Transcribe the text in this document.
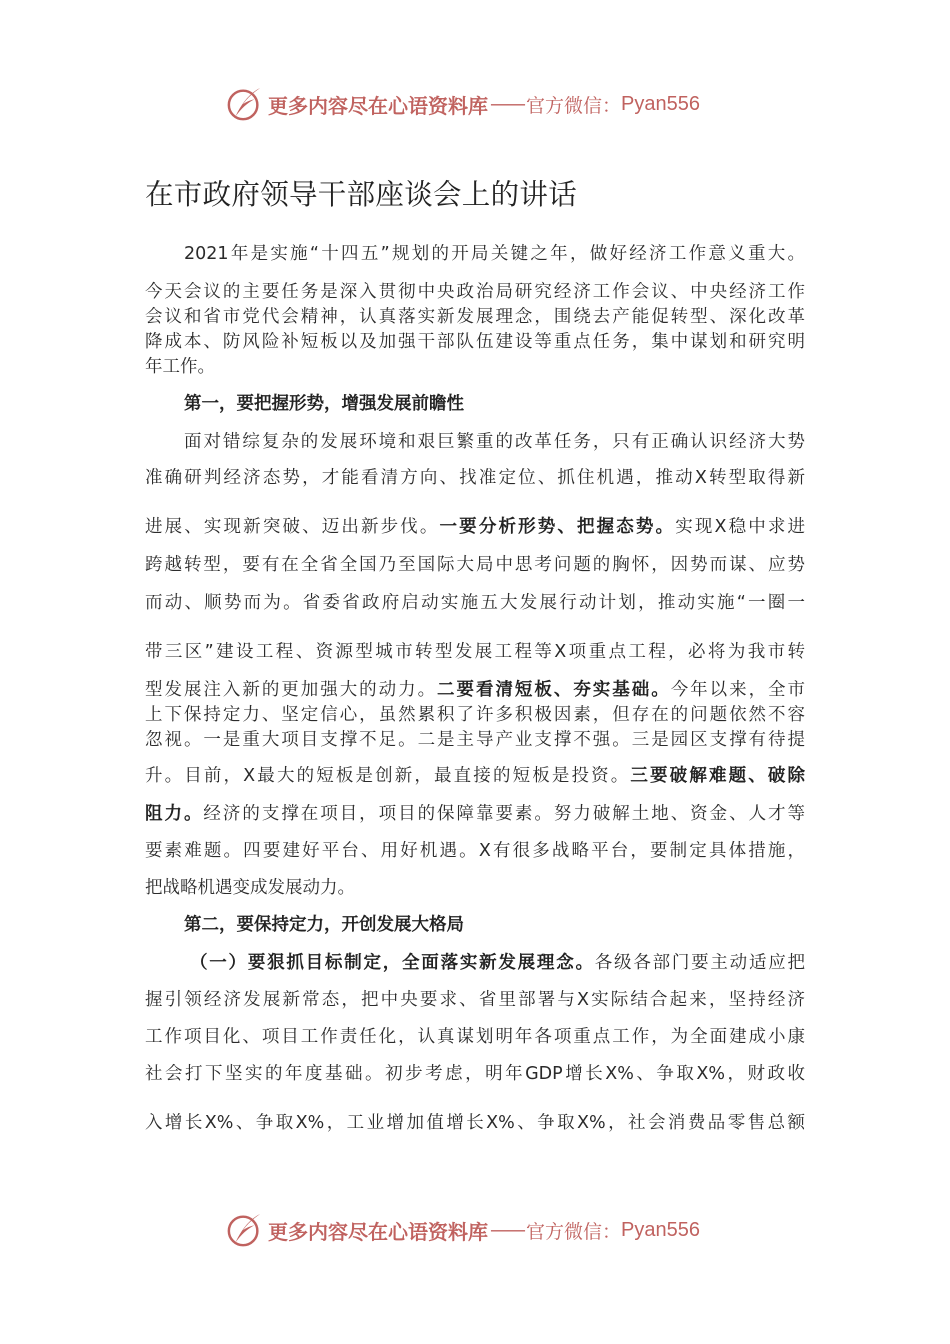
更多内容尽在心语资料库 —— 官方微信： Pyan556
在市政府领导干部座谈会上的讲话
2021年是实施“十四五”规划的开局关键之年，做好经济工作意义重大。
今天会议的主要任务是深入贯彻中央政治局研究经济工作会议、中央经济工作
会议和省市党代会精神，认真落实新发展理念，围绕去产能促转型、深化改革
降成本、防风险补短板以及加强干部队伍建设等重点任务，集中谋划和研究明
年工作。
第一，要把握形势，增强发展前瞻性
面对错综复杂的发展环境和艰巨繁重的改革任务，只有正确认识经济大势
准确研判经济态势，才能看清方向、找准定位、抓住机遇，推动X转型取得新
进展、实现新突破、迈出新步伐。一要分析形势、把握态势。实现X稳中求进
跨越转型，要有在全省全国乃至国际大局中思考问题的胸怀，因势而谋、应势
而动、顺势而为。省委省政府启动实施五大发展行动计划，推动实施“一圈一
带三区”建设工程、资源型城市转型发展工程等X项重点工程，必将为我市转
型发展注入新的更加强大的动力。二要看清短板、夯实基础。今年以来，全市
上下保持定力、坚定信心，虽然累积了许多积极因素，但存在的问题依然不容
忽视。一是重大项目支撑不足。二是主导产业支撑不强。三是园区支撑有待提
升。目前，X最大的短板是创新，最直接的短板是投资。三要破解难题、破除
阻力。经济的支撑在项目，项目的保障靠要素。努力破解土地、资金、人才等
要素难题。四要建好平台、用好机遇。X有很多战略平台，要制定具体措施，
把战略机遇变成发展动力。
第二，要保持定力，开创发展大格局
（一）要狠抓目标制定，全面落实新发展理念。各级各部门要主动适应把
握引领经济发展新常态，把中央要求、省里部署与X实际结合起来，坚持经济
工作项目化、项目工作责任化，认真谋划明年各项重点工作，为全面建成小康
社会打下坚实的年度基础。初步考虑，明年GDP增长X%、争取X%，财政收
入增长X%、争取X%，工业增加值增长X%、争取X%，社会消费品零售总额
更多内容尽在心语资料库 —— 官方微信： Pyan556
